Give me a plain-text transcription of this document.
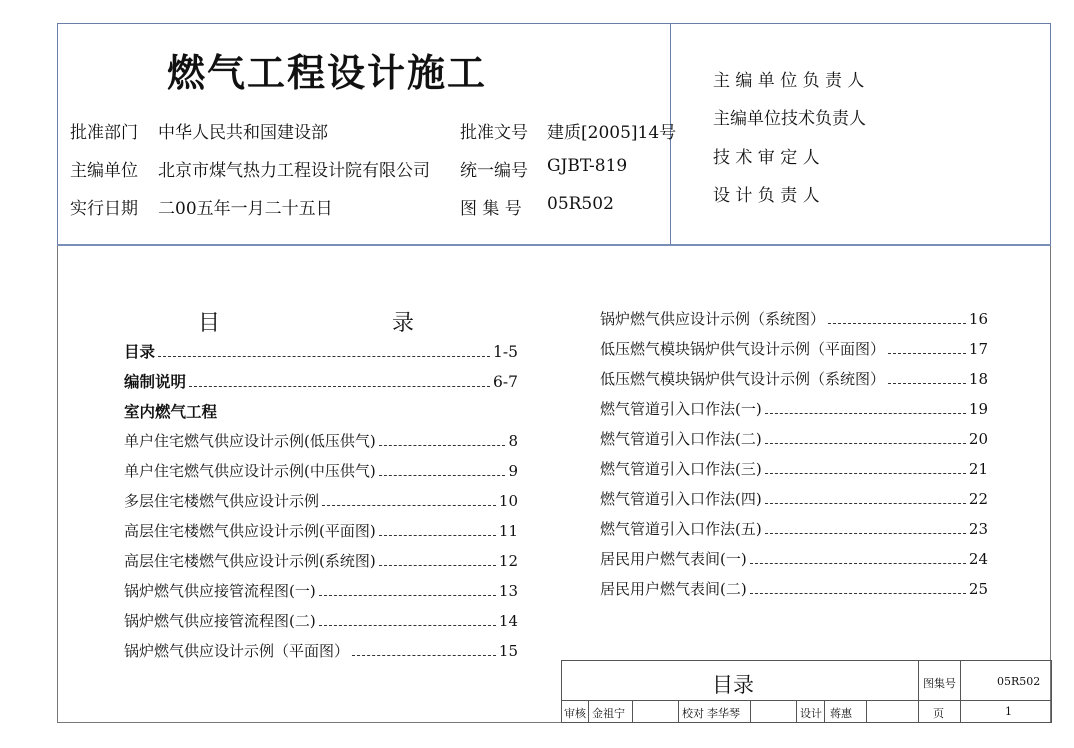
燃气工程设计施工
批准部门 中华人民共和国建设部	批准文号 建质[2005]14号
主编单位 北京市煤气热力工程设计院有限公司 统一编号 GJBT-819
实行日期 二00五年一月二十五日	图 集 号 05R502
主 编 单 位 负 责 人
主编单位技术负责人
技 术 审 定 人
设 计 负 责 人
目	录
目录	1-5
编制说明	6-7
室内燃气工程
单户住宅燃气供应设计示例(低压供气)	8
单户住宅燃气供应设计示例(中压供气)	9
多层住宅楼燃气供应设计示例	10
高层住宅楼燃气供应设计示例(平面图)	11
高层住宅楼燃气供应设计示例(系统图)	12
锅炉燃气供应接管流程图(一)	13
锅炉燃气供应接管流程图(二)	14
锅炉燃气供应设计示例（平面图）	15
锅炉燃气供应设计示例（系统图）	16
低压燃气模块锅炉供气设计示例（平面图）	17
低压燃气模块锅炉供气设计示例（系统图）	18
燃气管道引入口作法(一)	19
燃气管道引入口作法(二)	20
燃气管道引入口作法(三)	21
燃气管道引入口作法(四)	22
燃气管道引入口作法(五)	23
居民用户燃气表间(一)	24
居民用户燃气表间(二)	25
目录	图集号	05R502
审核 金祖宁	校对 李华琴	设计 蒋惠	页	1
